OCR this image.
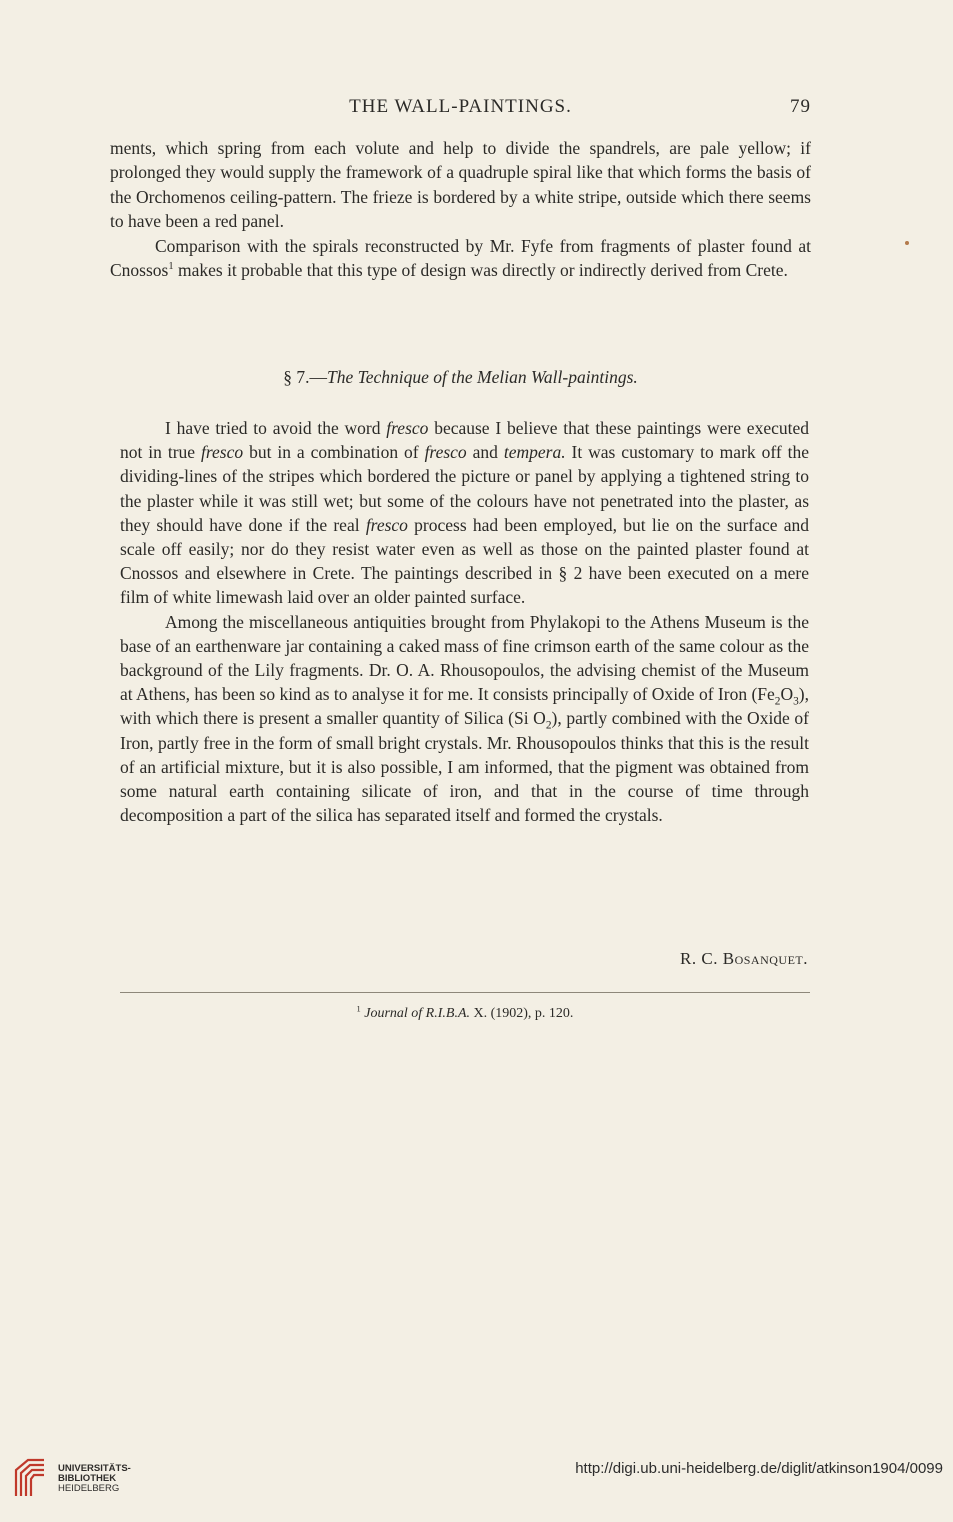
THE WALL-PAINTINGS.	79

ments, which spring from each volute and help to divide the spandrels, are pale yellow; if prolonged they would supply the framework of a quadruple spiral like that which forms the basis of the Orchomenos ceiling-pattern. The frieze is bordered by a white stripe, outside which there seems to have been a red panel.

Comparison with the spirals reconstructed by Mr. Fyfe from fragments of plaster found at Cnossos$^1$ makes it probable that this type of design was directly or indirectly derived from Crete.

§ 7.—The Technique of the Melian Wall-paintings.

I have tried to avoid the word fresco because I believe that these paintings were executed not in true fresco but in a combination of fresco and tempera. It was customary to mark off the dividing-lines of the stripes which bordered the picture or panel by applying a tightened string to the plaster while it was still wet; but some of the colours have not penetrated into the plaster, as they should have done if the real fresco process had been employed, but lie on the surface and scale off easily; nor do they resist water even as well as those on the painted plaster found at Cnossos and elsewhere in Crete. The paintings described in § 2 have been executed on a mere film of white limewash laid over an older painted surface.

Among the miscellaneous antiquities brought from Phylakopi to the Athens Museum is the base of an earthenware jar containing a caked mass of fine crimson earth of the same colour as the background of the Lily fragments. Dr. O. A. Rhousopoulos, the advising chemist of the Museum at Athens, has been so kind as to analyse it for me. It consists principally of Oxide of Iron $(Fe_2O_3)$, with which there is present a smaller quantity of Silica (Si $O_2$), partly combined with the Oxide of Iron, partly free in the form of small bright crystals. Mr. Rhousopoulos thinks that this is the result of an artificial mixture, but it is also possible, I am informed, that the pigment was obtained from some natural earth containing silicate of iron, and that in the course of time through decomposition a part of the silica has separated itself and formed the crystals.

R. C. Bosanquet.
$^1$ Journal of R.I.B.A. X. (1902), p. 120.
UNIVERSITÄTS-
BIBLIOTHEK
HEIDELBERG
http://digi.ub.uni-heidelberg.de/diglit/atkinson1904/0099
